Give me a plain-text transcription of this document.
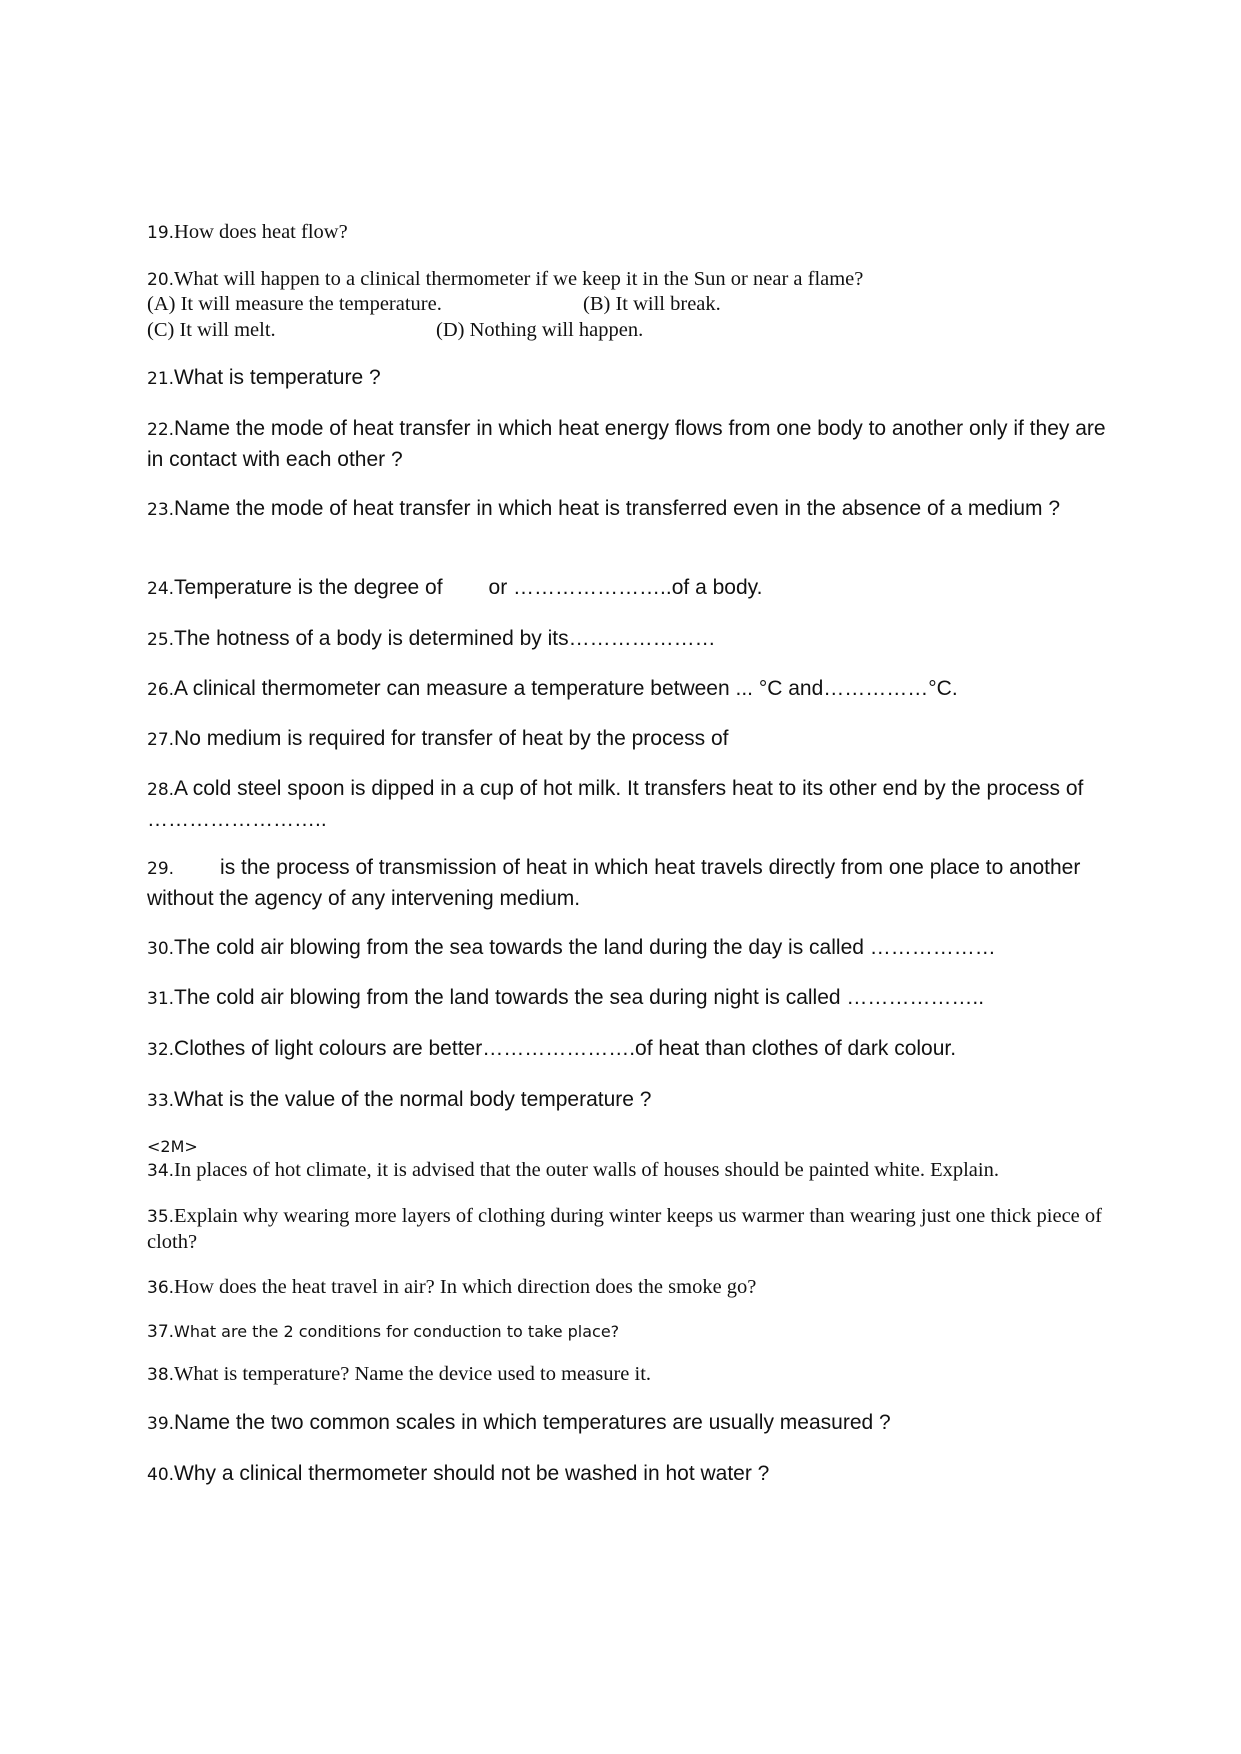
19.How does heat flow?
20.What will happen to a clinical thermometer if we keep it in the Sun or near a flame?
(A) It will measure the temperature.	(B) It will break.
(C) It will melt.	(D) Nothing will happen.
21.What is temperature ?
22.Name the mode of heat transfer in which heat energy flows from one body to another only if they are in contact with each other ?
23.Name the mode of heat transfer in which heat is transferred even in the absence of a medium ?
24.Temperature is the degree of or …………………..of a body.
25.The hotness of a body is determined by its…………………
26.A clinical thermometer can measure a temperature between ... °C and……………°C.
27.No medium is required for transfer of heat by the process of
28.A cold steel spoon is dipped in a cup of hot milk. It transfers heat to its other end by the process of ……………………..
29. is the process of transmission of heat in which heat travels directly from one place to another without the agency of any intervening medium.
30.The cold air blowing from the sea towards the land during the day is called ………………
31.The cold air blowing from the land towards the sea during night is called ………………..
32.Clothes of light colours are better………………….of heat than clothes of dark colour.
33.What is the value of the normal body temperature ?
<2M>
34.In places of hot climate, it is advised that the outer walls of houses should be painted white. Explain.
35.Explain why wearing more layers of clothing during winter keeps us warmer than wearing just one thick piece of cloth?
36.How does the heat travel in air? In which direction does the smoke go?
37.What are the 2 conditions for conduction to take place?
38.What is temperature? Name the device used to measure it.
39.Name the two common scales in which temperatures are usually measured ?
40.Why a clinical thermometer should not be washed in hot water ?
